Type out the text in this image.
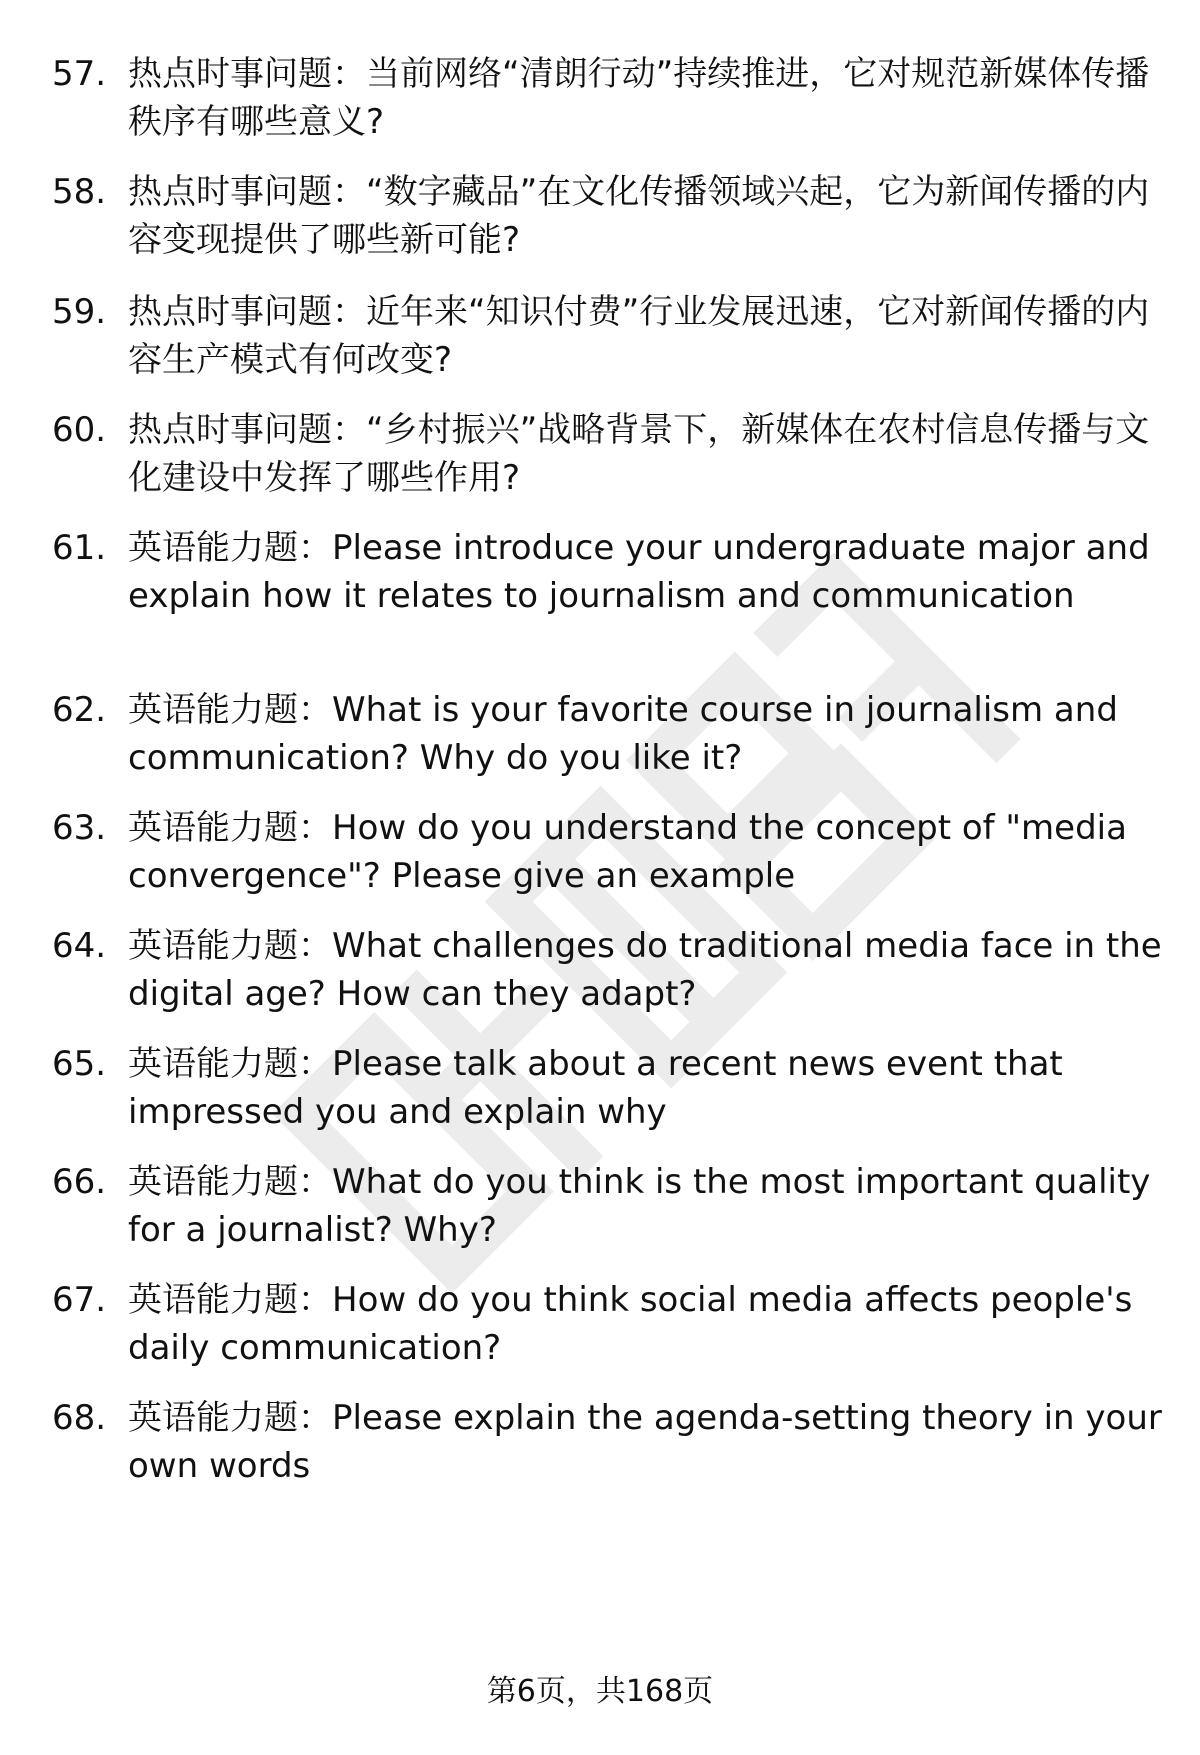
57. 热点时事问题：当前网络“清朗行动”持续推进，它对规范新媒体传播秩序有哪些意义?
58. 热点时事问题：“数字藏品”在文化传播领域兴起，它为新闻传播的内容变现提供了哪些新可能?
59. 热点时事问题：近年来“知识付费”行业发展迅速，它对新闻传播的内容生产模式有何改变?
60. 热点时事问题：“乡村振兴”战略背景下，新媒体在农村信息传播与文化建设中发挥了哪些作用?
61. 英语能力题：Please introduce your undergraduate major and explain how it relates to journalism and communication
62. 英语能力题：What is your favorite course in journalism and communication? Why do you like it?
63. 英语能力题：How do you understand the concept of "media convergence"? Please give an example
64. 英语能力题：What challenges do traditional media face in the digital age? How can they adapt?
65. 英语能力题：Please talk about a recent news event that impressed you and explain why
66. 英语能力题：What do you think is the most important quality for a journalist? Why?
67. 英语能力题：How do you think social media affects people's daily communication?
68. 英语能力题：Please explain the agenda-setting theory in your own words
第6页，共168页
